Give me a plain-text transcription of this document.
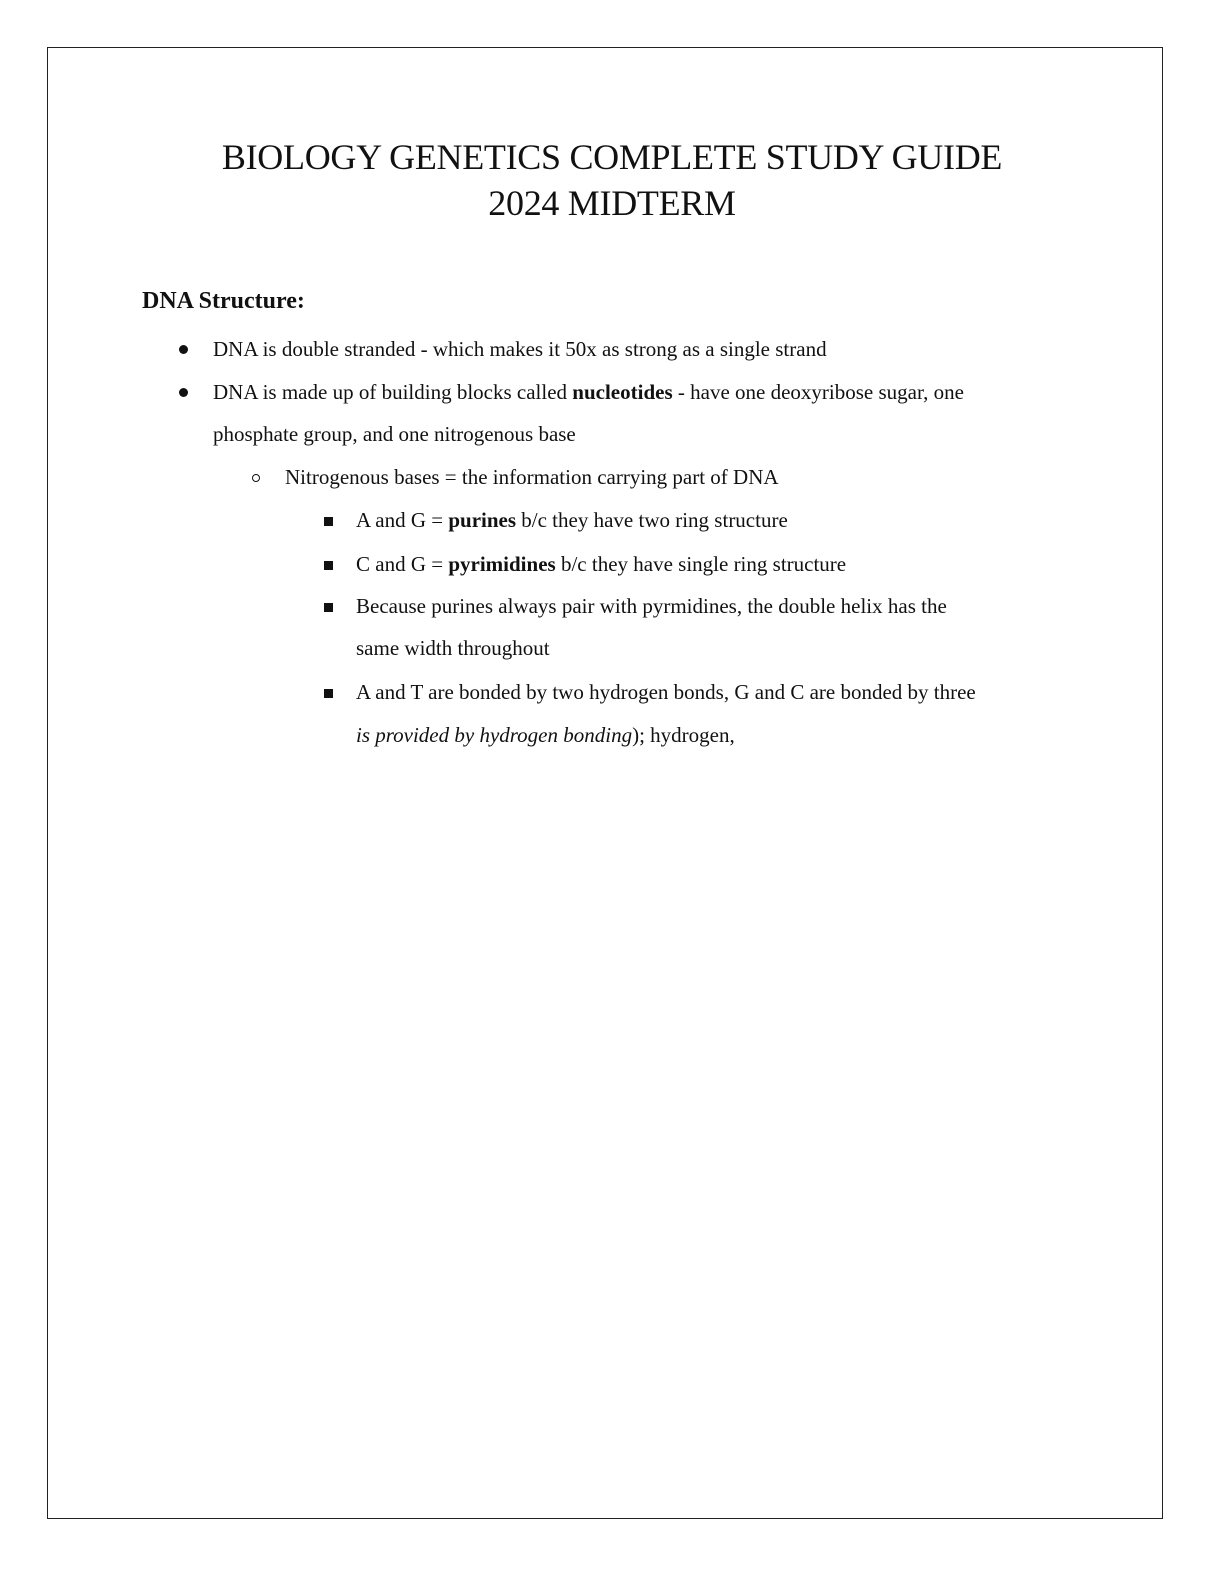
BIOLOGY GENETICS COMPLETE STUDY GUIDE
2024 MIDTERM
DNA Structure:
DNA is double stranded - which makes it 50x as strong as a single strand
DNA is made up of building blocks called nucleotides - have one deoxyribose sugar, one
phosphate group, and one nitrogenous base
Nitrogenous bases = the information carrying part of DNA
A and G = purines b/c they have two ring structure
C and G = pyrimidines b/c they have single ring structure
Because purines always pair with pyrmidines, the double helix has the
same width throughout
A and T are bonded by two hydrogen bonds, G and C are bonded by three
is provided by hydrogen bonding); hydrogen,
